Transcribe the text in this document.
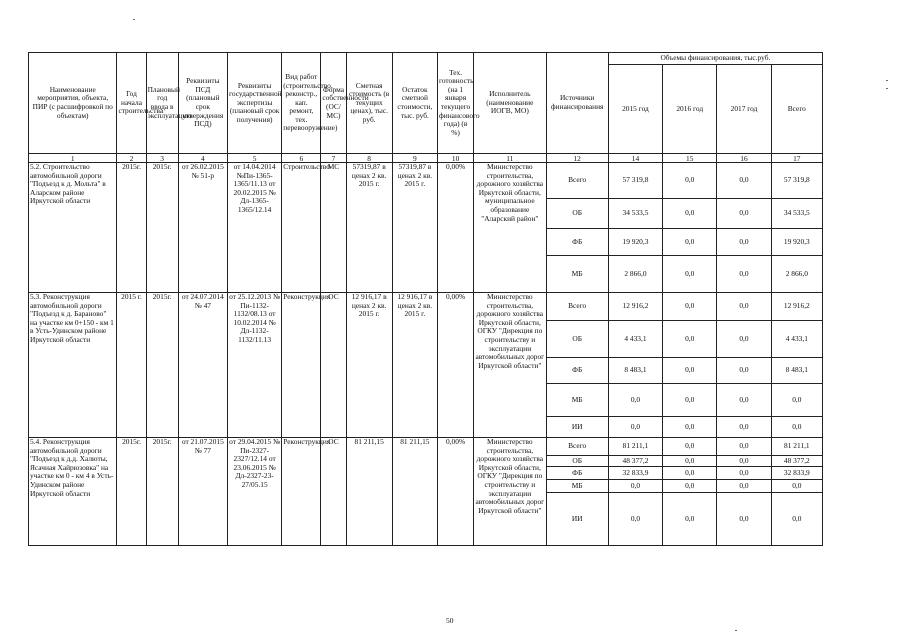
Наименование мероприятия, объекта, ПИР (с расшифровкой по объектам)	Год начала строительства	Плановый год ввода в эксплуатацию	Реквизиты ПСД (плановый срок утверждения ПСД)	Реквизиты государственной экспертизы (плановый срок получения)	Вид работ (строительство, реконстр., кап. ремонт, тех. перевооружение)	Форма собственности (ОС/МС)	Сметная стоимость (в текущих ценах), тыс. руб.	Остаток сметной стоимости, тыс. руб.	Тех. готовность (на 1 января текущего финансового года) (в %)	Исполнитель (наименование ИОГВ, МО)	Источники финансирования	Объемы финансирования, тыс.руб.			
												2015 год	2016 год	2017 год	Всего
1	2	3	4	5	6	7	8	9	10	11	12	14	15	16	17
5.2. Строительство автомобильной дороги "Подъезд к д. Мольта" в Аларском районе Иркутской области	2015г.	2015г.	от 26.02.2015 № 51-р	от 14.04.2014 №Пи-1365-1365/11.13 от 20.02.2015 № Дл-1365-1365/12.14	Строительство	МС	57319,87 в ценах 2 кв. 2015 г.	57319,87 в ценах 2 кв. 2015 г.	0,00%	Министерство строительства, дорожного хозяйства Иркутской области, муниципальное образование "Аларский район"	Всего	57 319,8	0,0	0,0	57 319,8
											ОБ	34 533,5	0,0	0,0	34 533,5
											ФБ	19 920,3	0,0	0,0	19 920,3
											МБ	2 866,0	0,0	0,0	2 866,0
5.3. Реконструкция автомобильной дороги "Подъезд к д. Бараново" на участке км 0+150 - км 1 в Усть-Удинском районе Иркутской области	2015 г.	2015г.	от 24.07.2014 № 47	от 25.12.2013 № Пи-1132-1132/08.13 от 10.02.2014 № Дл-1132-1132/11.13	Реконструкция	ОС	12 916,17 в ценах 2 кв. 2015 г.	12 916,17 в ценах 2 кв. 2015 г.	0,00%	Министерство строительства, дорожного хозяйства Иркутской области, ОГКУ "Дирекция по строительству и эксплуатации автомобильных дорог Иркутской области"	Всего	12 916,2	0,0	0,0	12 916,2
											ОБ	4 433,1	0,0	0,0	4 433,1
											ФБ	8 483,1	0,0	0,0	8 483,1
											МБ	0,0	0,0	0,0	0,0
											ИИ	0,0	0,0	0,0	0,0
5.4. Реконструкция автомобильной дороги "Подъезд к д.д. Халюты, Ясачная Хайрюзовка" на участке км 0 - км 4 в Усть-Удинском районе Иркутской области	2015г.	2015г.	от 21.07.2015 № 77	от 29.04.2015 № Пи-2327-2327/12.14 от 23.06.2015 № Дл-2327-23-27/05.15	Реконструкция	ОС	81 211,15	81 211,15	0,00%	Министерство строительства, дорожного хозяйства Иркутской области, ОГКУ "Дирекция по строительству и эксплуатации автомобильных дорог Иркутской области"	Всего	81 211,1	0,0	0,0	81 211,1
											ОБ	48 377,2	0,0	0,0	48 377,2
											ФБ	32 833,9	0,0	0,0	32 833,9
											МБ	0,0	0,0	0,0	0,0
											ИИ	0,0	0,0	0,0	0,0
50
